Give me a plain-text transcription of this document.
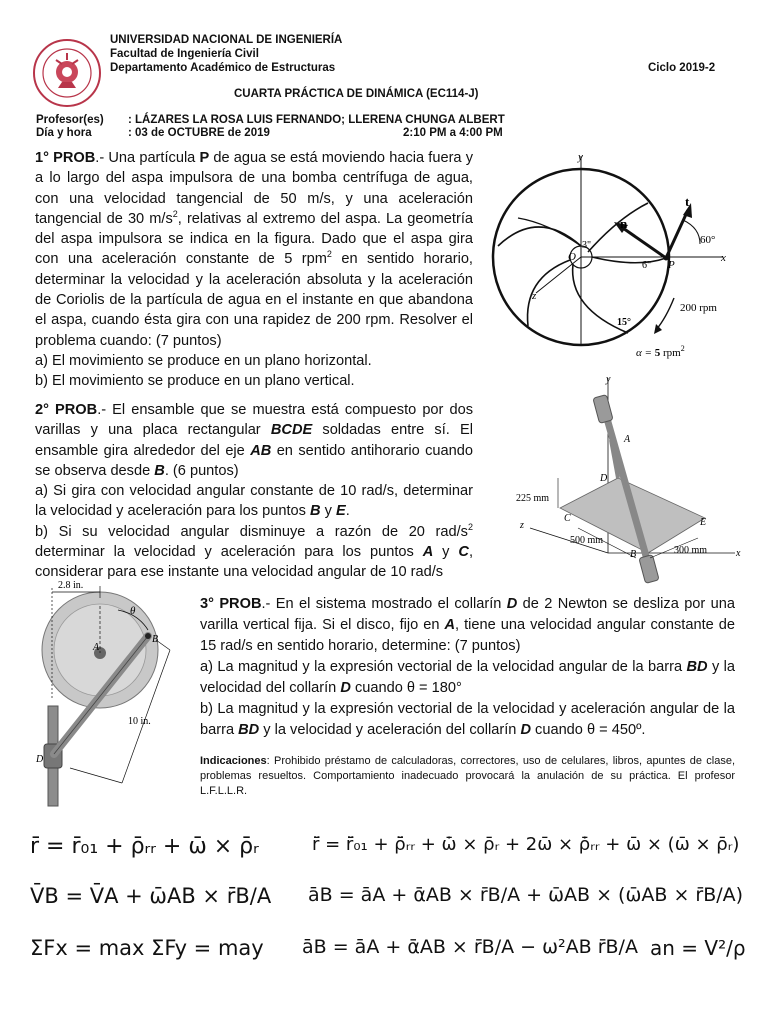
UNIVERSIDAD NACIONAL DE INGENIERÍA
Facultad de Ingeniería Civil
Departamento Académico de Estructuras	Ciclo 2019-2
CUARTA PRÁCTICA DE DINÁMICA (EC114-J)
Profesor(es) : LÁZARES LA ROSA LUIS FERNANDO; LLERENA CHUNGA ALBERT
Día y hora	: 03 de OCTUBRE de 2019	2:10 PM a 4:00 PM

1° PROB.- Una partícula P de agua se está moviendo hacia fuera y a lo largo del aspa impulsora de una bomba centrífuga de agua, con una velocidad tangencial de 50 m/s, y una aceleración tangencial de 30 $m/s^2$, relativas al extremo del aspa. La geometría del aspa impulsora se indica en la figura. Dado que el aspa gira con una aceleración constante de 5 rpm$^2$ en sentido horario, determinar la velocidad y la aceleración absoluta y la aceleración de Coriolis de la partícula de agua en el instante en que abandona el aspa, cuando ésta gira con una rapidez de 200 rpm. Resolver el problema cuando: (7 puntos)
a) El movimiento se produce en un plano horizontal.
b) El movimiento se produce en un plano vertical.

y
x
z
n
t
O
P
3"
6"
60°
15°
200 rpm
α = 5 rpm$^2$

2° PROB.- El ensamble que se muestra está compuesto por dos varillas y una placa rectangular BCDE soldadas entre sí. El ensamble gira alrededor del eje AB en sentido antihorario cuando se observa desde B. (6 puntos)
a) Si gira con velocidad angular constante de 10 rad/s, determinar la velocidad y aceleración para los puntos B y E.
b) Si su velocidad angular disminuye a razón de 20 rad/$s^2$ determinar la velocidad y aceleración para los puntos A y C, considerar para ese instante una velocidad angular de 10 rad/s

y
x
z
A
D
C	E
B
225 mm
500 mm
300 mm
2.8 in.
θ
A
B
D
10 in.

3° PROB.- En el sistema mostrado el collarín D de 2 Newton se desliza por una varilla vertical fija. Si el disco, fijo en A, tiene una velocidad angular constante de 15 rad/s en sentido horario, determine: (7 puntos)
a) La magnitud y la expresión vectorial de la velocidad angular de la barra BD y la velocidad del collarín D cuando θ = 180°
b) La magnitud y la expresión vectorial de la velocidad y aceleración angular de la barra BD y la velocidad y aceleración del collarín D cuando θ = 450º.

Indicaciones: Prohibido préstamo de calculadoras, correctores, uso de celulares, libros, apuntes de clase, problemas resueltos. Comportamiento inadecuado provocará la anulación de su práctica. El profesor L.F.L.L.R.
r̄ = r̄₀₁ + ρ̄ᵣᵣ + ω̄ × ρ̄ᵣ	r̄̈ = r̄̈₀₁ + ρ̄̈ᵣᵣ + ω̄̇ × ρ̄ᵣ + 2ω̄ × ρ̄̇ᵣᵣ + ω̄ × (ω̄ × ρ̄ᵣ)
V̄B = V̄A + ω̄AB × r̄B/A āB = āA + ᾱAB × r̄B/A + ω̄AB × (ω̄AB × r̄B/A)
ΣFx = max ΣFy = may āB = āA + ᾱAB × r̄B/A − ω²AB r̄B/A an = V²/ρ
